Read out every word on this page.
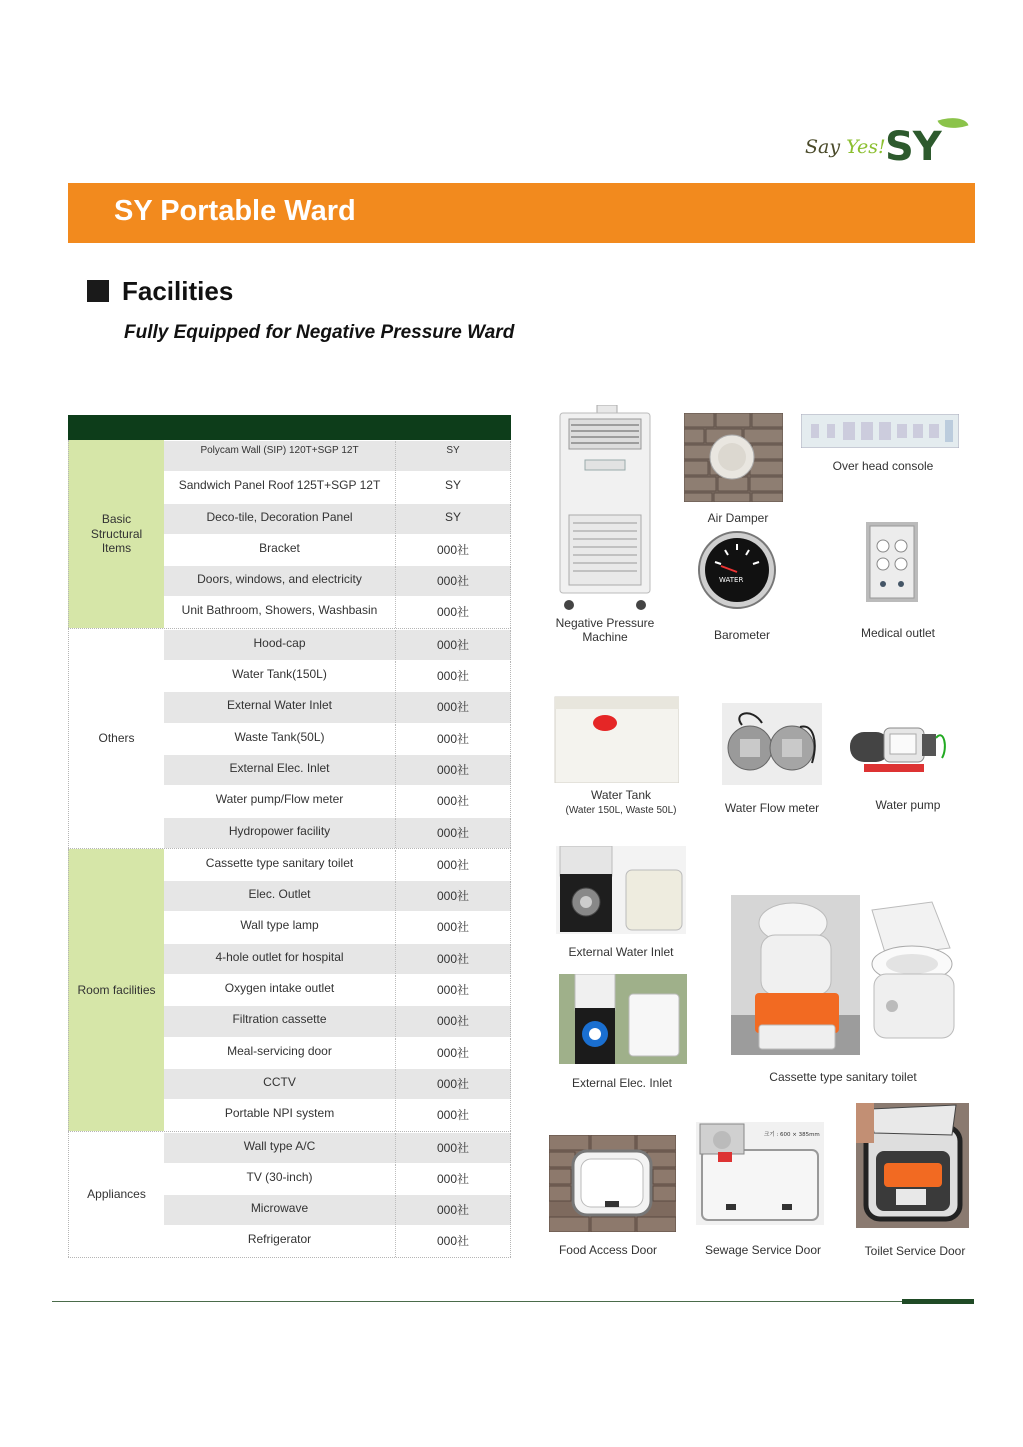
Say Yes! SY
SY Portable Ward
Facilities
Fully Equipped for Negative Pressure Ward
Basic
Structural
Items
Polycam Wall (SIP) 120T+SGP 12T	SY
Sandwich Panel Roof 125T+SGP 12T	SY
Deco-tile, Decoration Panel	SY
Bracket	000社
Doors, windows, and electricity	000社
Unit Bathroom, Showers, Washbasin	000社
Others
Hood-cap	000社
Water Tank(150L)	000社
External Water Inlet	000社
Waste Tank(50L)	000社
External Elec. Inlet	000社
Water pump/Flow meter	000社
Hydropower facility	000社
Room facilities
Cassette type sanitary toilet	000社
Elec. Outlet	000社
Wall type lamp	000社
4-hole outlet for hospital	000社
Oxygen intake outlet	000社
Filtration cassette	000社
Meal-servicing door	000社
CCTV	000社
Portable NPI system	000社
Appliances
Wall type A/C	000社
TV (30-inch)	000社
Microwave	000社
Refrigerator	000社
Negative Pressure
Machine
Air Damper
Over head console
WATER
Barometer	Medical outlet
Water Tank
(Water 150L, Waste 50L)	Water Flow meter	Water pump
External Water Inlet
External Elec. Inlet	Cassette type sanitary toilet
Food Access Door
크기 : 600 × 385mm
Sewage Service Door	Toilet Service Door
